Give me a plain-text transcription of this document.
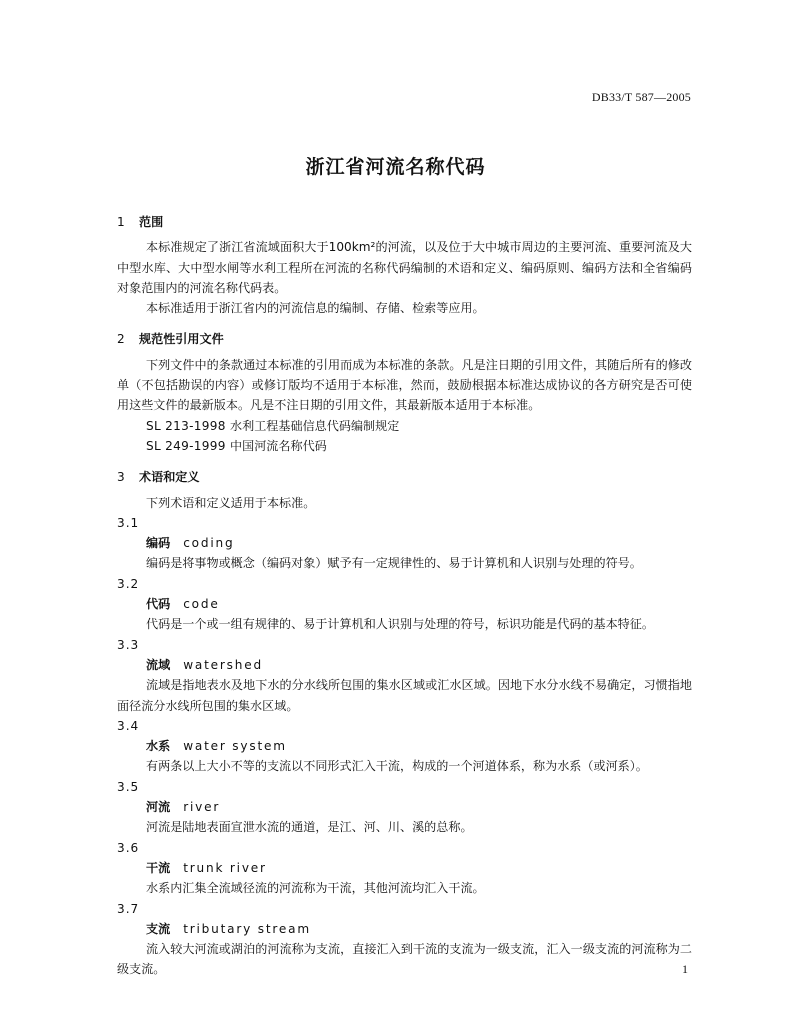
DB33/T 587—2005
浙江省河流名称代码
1 范围

本标准规定了浙江省流域面积大于100km²的河流，以及位于大中城市周边的主要河流、重要河流及大中型水库、大中型水闸等水利工程所在河流的名称代码编制的术语和定义、编码原则、编码方法和全省编码对象范围内的河流名称代码表。

本标准适用于浙江省内的河流信息的编制、存储、检索等应用。

2 规范性引用文件

下列文件中的条款通过本标准的引用而成为本标准的条款。凡是注日期的引用文件，其随后所有的修改单（不包括勘误的内容）或修订版均不适用于本标准，然而，鼓励根据本标准达成协议的各方研究是否可使用这些文件的最新版本。凡是不注日期的引用文件，其最新版本适用于本标准。

SL 213-1998 水利工程基础信息代码编制规定

SL 249-1999 中国河流名称代码

3 术语和定义

下列术语和定义适用于本标准。

3.1

编码 coding

编码是将事物或概念（编码对象）赋予有一定规律性的、易于计算机和人识别与处理的符号。

3.2

代码 code

代码是一个或一组有规律的、易于计算机和人识别与处理的符号，标识功能是代码的基本特征。

3.3

流域 watershed

流域是指地表水及地下水的分水线所包围的集水区域或汇水区域。因地下水分水线不易确定，习惯指地面径流分水线所包围的集水区域。

3.4

水系 water system

有两条以上大小不等的支流以不同形式汇入干流，构成的一个河道体系，称为水系（或河系）。

3.5

河流 river

河流是陆地表面宣泄水流的通道，是江、河、川、溪的总称。

3.6

干流 trunk river

水系内汇集全流域径流的河流称为干流，其他河流均汇入干流。

3.7

支流 tributary stream

流入较大河流或湖泊的河流称为支流，直接汇入到干流的支流为一级支流，汇入一级支流的河流称为二级支流。	1
